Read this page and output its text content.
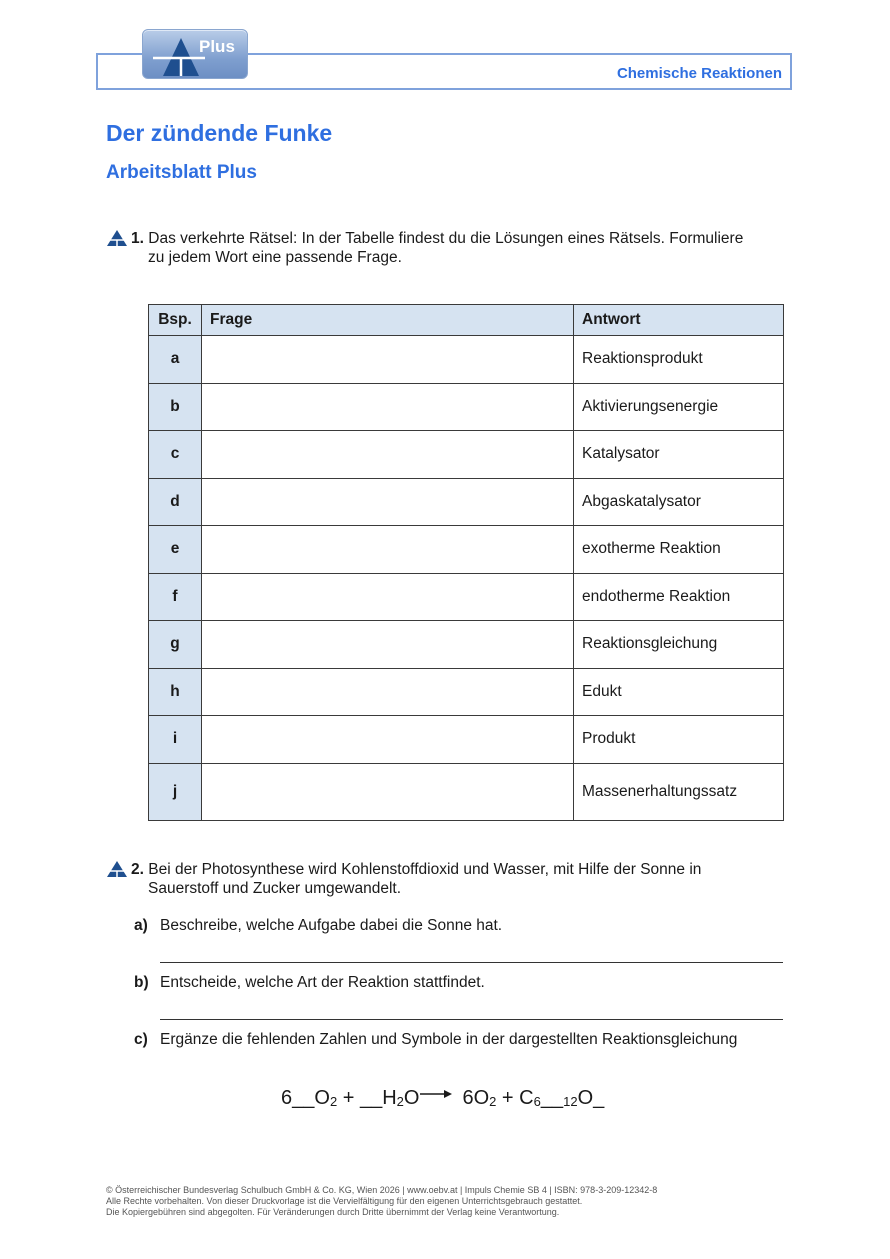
Chemische Reaktionen
Plus
Der zündende Funke
Arbeitsblatt Plus
1. Das verkehrte Rätsel: In der Tabelle findest du die Lösungen eines Rätsels. Formuliere
zu jedem Wort eine passende Frage.
Bsp.	Frage	Antwort
a		Reaktionsprodukt
b		Aktivierungsenergie
c		Katalysator
d		Abgaskatalysator
e		exotherme Reaktion
f		endotherme Reaktion
g		Reaktionsgleichung
h		Edukt
i		Produkt
j		Massenerhaltungssatz
2. Bei der Photosynthese wird Kohlenstoffdioxid und Wasser, mit Hilfe der Sonne in
Sauerstoff und Zucker umgewandelt.
a) Beschreibe, welche Aufgabe dabei die Sonne hat.
b) Entscheide, welche Art der Reaktion stattfindet.
c) Ergänze die fehlenden Zahlen und Symbole in der dargestellten Reaktionsgleichung
$6\_\_O_2$ + $\_\_H_2O\to 6O_2$ + $C_6\_\__{12}O\_$
© Österreichischer Bundesverlag Schulbuch GmbH & Co. KG, Wien 2026 | www.oebv.at | Impuls Chemie SB 4 | ISBN: 978-3-209-12342-8
Alle Rechte vorbehalten. Von dieser Druckvorlage ist die Vervielfältigung für den eigenen Unterrichtsgebrauch gestattet.
Die Kopiergebühren sind abgegolten. Für Veränderungen durch Dritte übernimmt der Verlag keine Verantwortung.
